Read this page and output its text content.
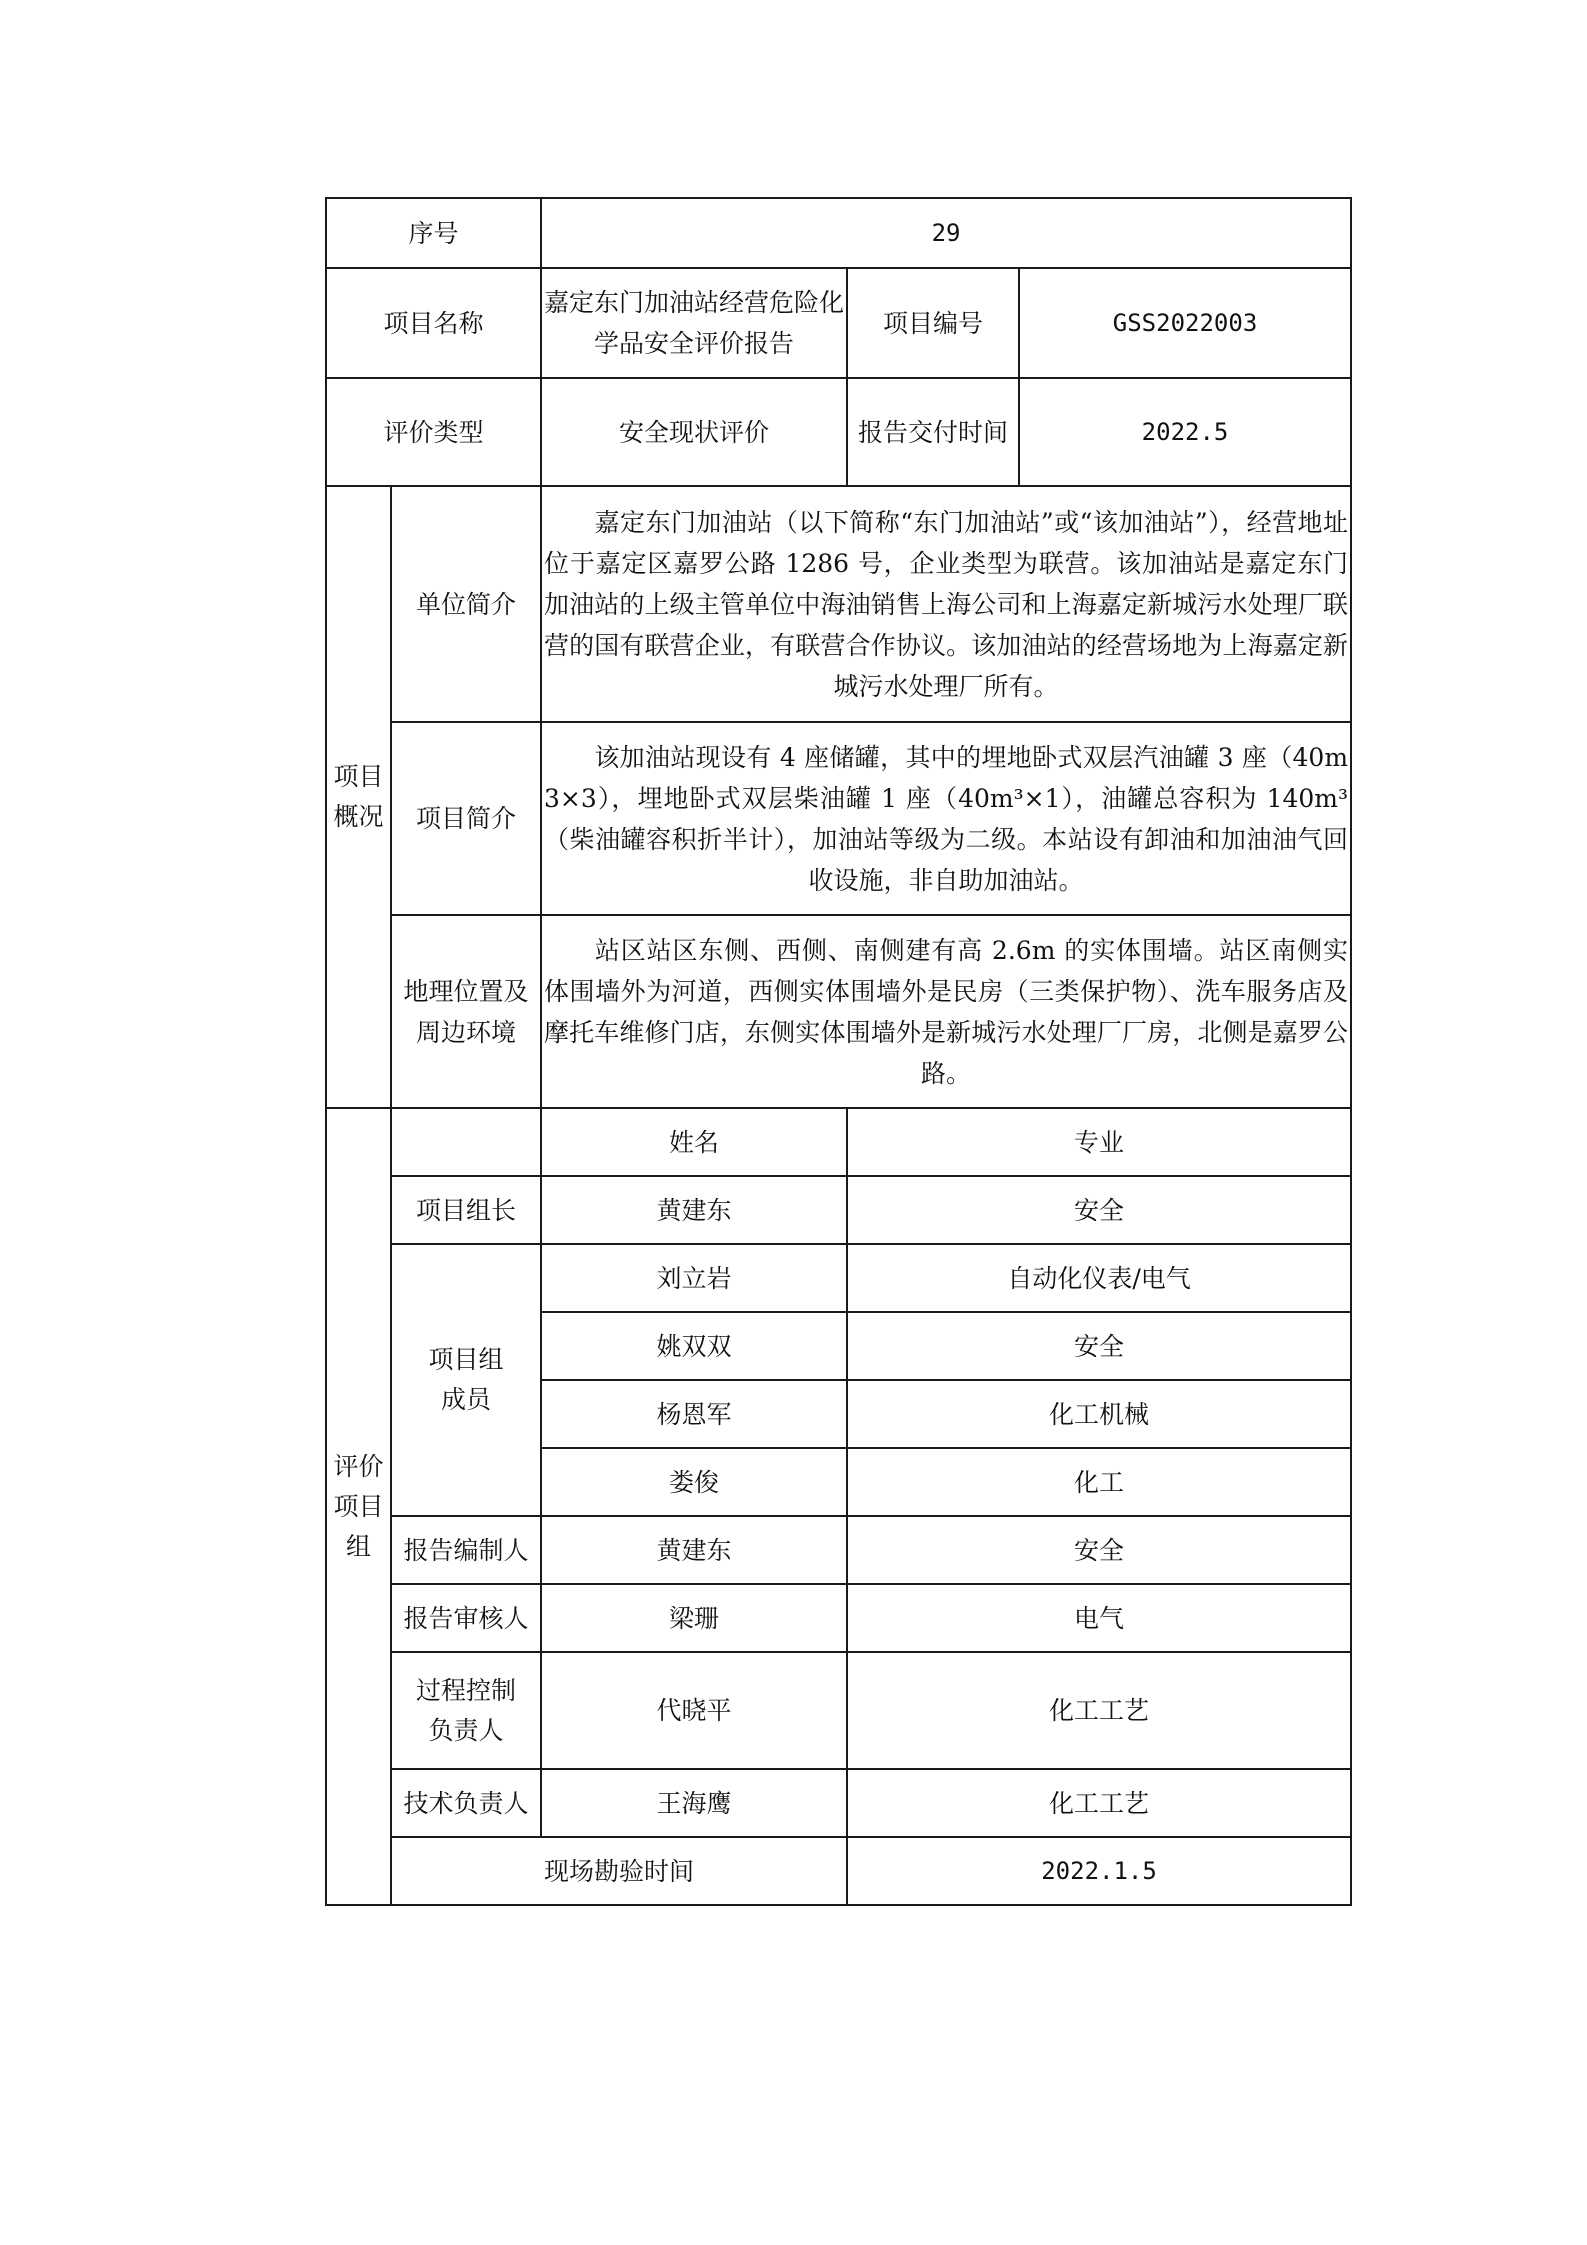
序号		29		
项目名称		嘉定东门加油站经营危险化学品安全评价报告	项目编号	GSS2022003
评价类型		安全现状评价	报告交付时间	2022.5
项目概况	单位简介	嘉定东门加油站（以下简称“东门加油站”或“该加油站”），经营地址位于嘉定区嘉罗公路 1286 号，企业类型为联营。该加油站是嘉定东门加油站的上级主管单位中海油销售上海公司和上海嘉定新城污水处理厂联营的国有联营企业，有联营合作协议。该加油站的经营场地为上海嘉定新城污水处理厂所有。		
	项目简介	该加油站现设有 4 座储罐，其中的埋地卧式双层汽油罐 3 座（40m3×3），埋地卧式双层柴油罐 1 座（40m³×1），油罐总容积为 140m³（柴油罐容积折半计），加油站等级为二级。本站设有卸油和加油油气回收设施，非自助加油站。		
	地理位置及周边环境	站区站区东侧、西侧、南侧建有高 2.6m 的实体围墙。站区南侧实体围墙外为河道，西侧实体围墙外是民房（三类保护物）、洗车服务店及摩托车维修门店，东侧实体围墙外是新城污水处理厂厂房，北侧是嘉罗公路。		
评价项目组		姓名	专业	
	项目组长	黄建东	安全	
	项目组成员	刘立岩	自动化仪表/电气	
		姚双双	安全	
		杨恩军	化工机械	
		娄俊	化工	
	报告编制人	黄建东	安全	
	报告审核人	梁珊	电气	
	过程控制负责人	代晓平	化工工艺	
	技术负责人	王海鹰	化工工艺	
	现场勘验时间		2022.1.5	
